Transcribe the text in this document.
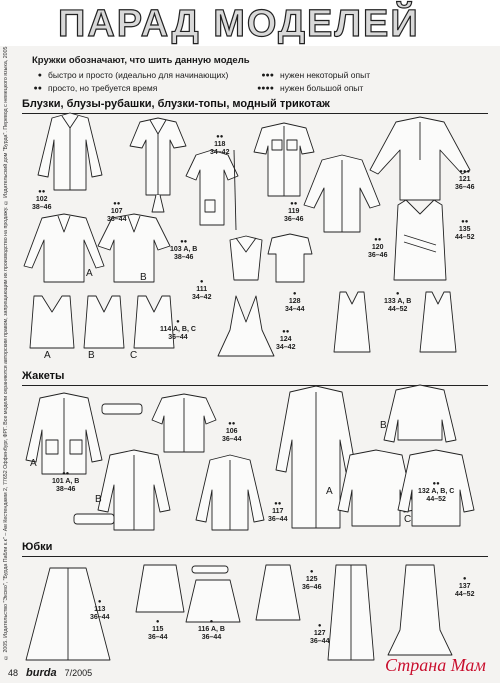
ПАРАД МОДЕЛЕЙ
© 2005. Издательство "Эксмо", "Бурда Пабли к.к" – Ам Кестендамм 2, 77652 Оффенбург, ФРГ. Все модели охраняются авторским правом, запрещающим их производство на продажу. © Издательский дом "Бурда". Перевод с немецкого языка, 2005	Кружки обозначают, что шить данную модель
● быстро и просто (идеально для начинающих)
●● просто, но требуется время
●●● нужен некоторый опыт
●●●● нужен большой опыт
Блузки, блузы-рубашки, блузки-топы, модный трикотаж
Жакеты
Юбки
●●
102
38–46	●●
107
36–44
●●
118
34–42
●●
119
36–46
●●●
121
36–46
●●
103 A, B
38–46
●
111
34–42
●●
120
36–46
●●
135
44–52
●
128
34–44
●
114 A, B, C
36–44
●●
124
34–42
●
133 A, B
44–52
●●
106
36–44
●●
101 A, B
38–46
●●
117
36–44
●●
132 A, B, C
44–52
●
113
36–44
●
115
36–44
●
116 A, B
36–44
●
125
36–46
●
127
36–44
●
137
44–52
A	B
A	B	C
A
B
B
A
C
48 burda 7/2005	Страна Мам
